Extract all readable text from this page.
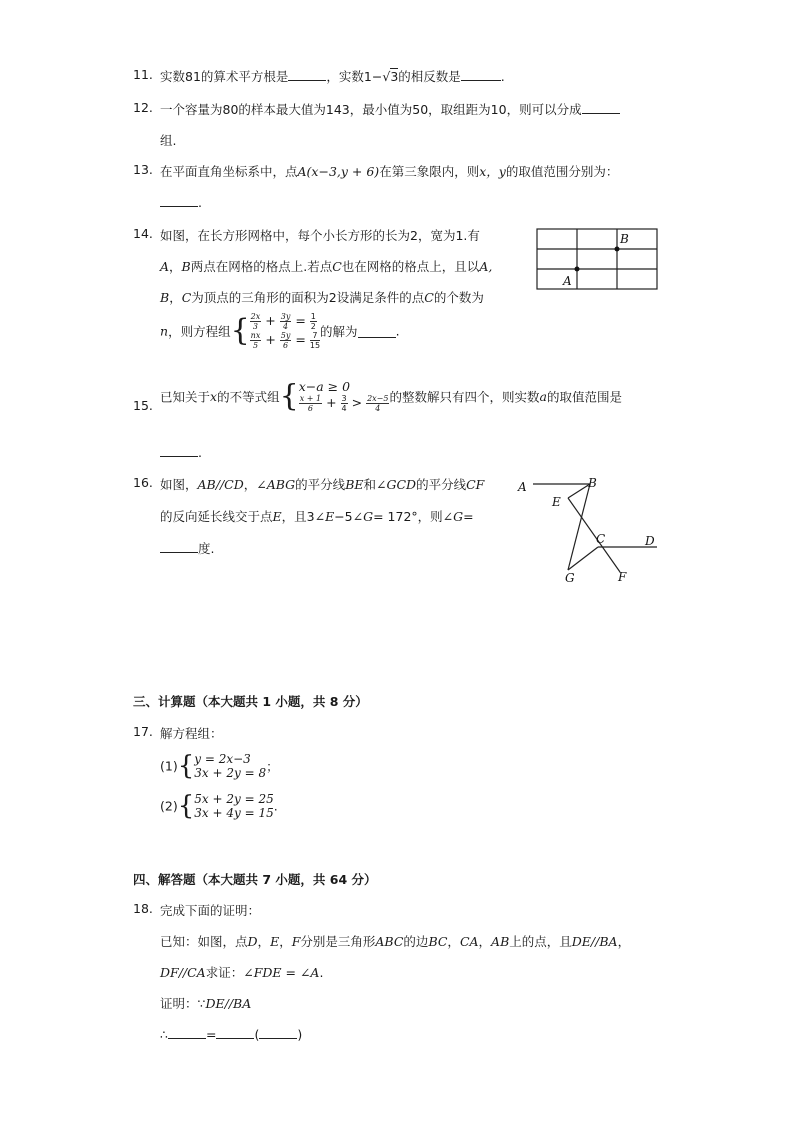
11. 实数81的算术平方根是	，实数1−√3的相反数是	.
12. 一个容量为80的样本最大值为143，最小值为50，取组距为10，则可以分成
组.
13. 在平面直角坐标系中，点A(x−3,y + 6)在第三象限内，则x，y的取值范围分别为：
.
14. 如图，在长方形网格中，每个小长方形的长为2，宽为1.有
A，B两点在网格的格点上.若点C也在网格的格点上，且以A,
B，C为顶点的三角形的面积为2设满足条件的点C的个数为
n，则方程组{ $\frac{2x}{3} + \frac{3y}{4} = \frac{1}{2}$
$\frac{nx}{5} + \frac{5y}{6} = \frac{7}{15}$ 的解为	.
B
A
15.
已知关于x的不等式组{ x−a ≥ 0
$\frac{x + 1}{6} + \frac{3}{4} > \frac{2x-5}{4}$ 的整数解只有四个，则实数a的取值范围是
.
16. 如图，AB//CD，∠ABG的平分线BE和∠GCD的平分线CF
的反向延长线交于点E，且3∠E−5∠G= 172°，则∠G=
度.
A	B
E
C	D
G	F
三、计算题（本大题共 1 小题，共 8 分）
17. 解方程组：
(1){ y = 2x−3
3x + 2y = 8 ；
(2){ 5x + 2y = 25
3x + 4y = 15 .
四、解答题（本大题共 7 小题，共 64 分）
18. 完成下面的证明：
已知：如图，点D，E，F分别是三角形ABC的边BC，CA，AB上的点，且DE//BA，
DF//CA求证：∠FDE = ∠A.
证明：∵DE//BA
∴	=	(	)
